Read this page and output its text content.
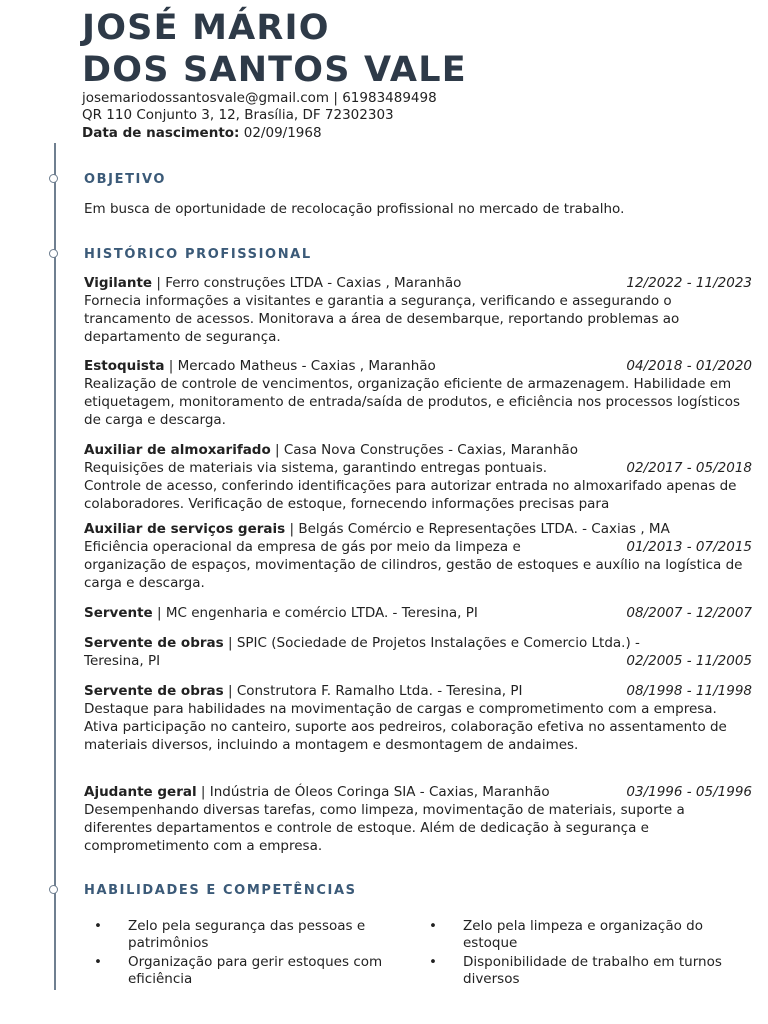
JOSÉ MÁRIO
DOS SANTOS VALE
josemariodossantosvale@gmail.com | 61983489498
QR 110 Conjunto 3, 12, Brasília, DF 72302303
Data de nascimento: 02/09/1968
OBJETIVO
Em busca de oportunidade de recolocação profissional no mercado de trabalho.
HISTÓRICO PROFISSIONAL
Vigilante | Ferro construções LTDA - Caxias , Maranhão	12/2022 - 11/2023
Fornecia informações a visitantes e garantia a segurança, verificando e assegurando o trancamento de acessos. Monitorava a área de desembarque, reportando problemas ao departamento de segurança.
Estoquista | Mercado Matheus - Caxias , Maranhão	04/2018 - 01/2020
Realização de controle de vencimentos, organização eficiente de armazenagem. Habilidade em etiquetagem, monitoramento de entrada/saída de produtos, e eficiência nos processos logísticos de carga e descarga.
Auxiliar de almoxarifado | Casa Nova Construções - Caxias, Maranhão
Requisições de materiais via sistema, garantindo entregas pontuais.	02/2017 - 05/2018
Controle de acesso, conferindo identificações para autorizar entrada no almoxarifado apenas de colaboradores. Verificação de estoque, fornecendo informações precisas para
Auxiliar de serviços gerais | Belgás Comércio e Representações LTDA. - Caxias , MA
Eficiência operacional da empresa de gás por meio da limpeza e	01/2013 - 07/2015
organização de espaços, movimentação de cilindros, gestão de estoques e auxílio na logística de carga e descarga.
Servente | MC engenharia e comércio LTDA. - Teresina, PI	08/2007 - 12/2007
Servente de obras | SPIC (Sociedade de Projetos Instalações e Comercio Ltda.) -
Teresina, PI	02/2005 - 11/2005
Servente de obras | Construtora F. Ramalho Ltda. - Teresina, PI	08/1998 - 11/1998
Destaque para habilidades na movimentação de cargas e comprometimento com a empresa. Ativa participação no canteiro, suporte aos pedreiros, colaboração efetiva no assentamento de materiais diversos, incluindo a montagem e desmontagem de andaimes.
Ajudante geral | Indústria de Óleos Coringa SIA - Caxias, Maranhão	03/1996 - 05/1996
Desempenhando diversas tarefas, como limpeza, movimentação de materiais, suporte a diferentes departamentos e controle de estoque. Além de dedicação à segurança e comprometimento com a empresa.
HABILIDADES E COMPETÊNCIAS
• Zelo pela segurança das pessoas e patrimônios
• Zelo pela limpeza e organização do estoque
• Organização para gerir estoques com eficiência
• Disponibilidade de trabalho em turnos diversos
